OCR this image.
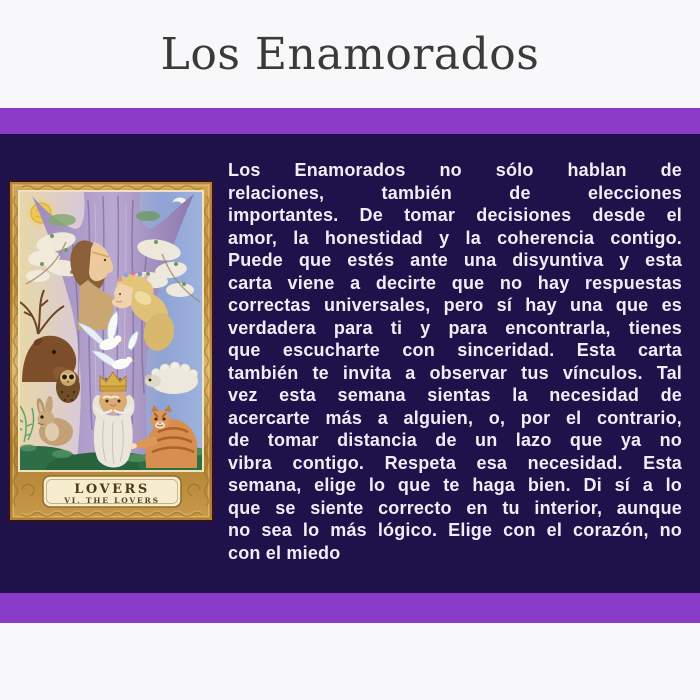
Los Enamorados
LOVERS
VI. THE LOVERS
Los Enamorados no sólo hablan de
relaciones, también de elecciones
importantes. De tomar decisiones desde el
amor, la honestidad y la coherencia contigo.
Puede que estés ante una disyuntiva y esta
carta viene a decirte que no hay respuestas
correctas universales, pero sí hay una que es
verdadera para ti y para encontrarla, tienes
que escucharte con sinceridad. Esta carta
también te invita a observar tus vínculos. Tal
vez esta semana sientas la necesidad de
acercarte más a alguien, o, por el contrario,
de tomar distancia de un lazo que ya no
vibra contigo. Respeta esa necesidad. Esta
semana, elige lo que te haga bien. Di sí a lo
que se siente correcto en tu interior, aunque
no sea lo más lógico. Elige con el corazón, no
con el miedo
